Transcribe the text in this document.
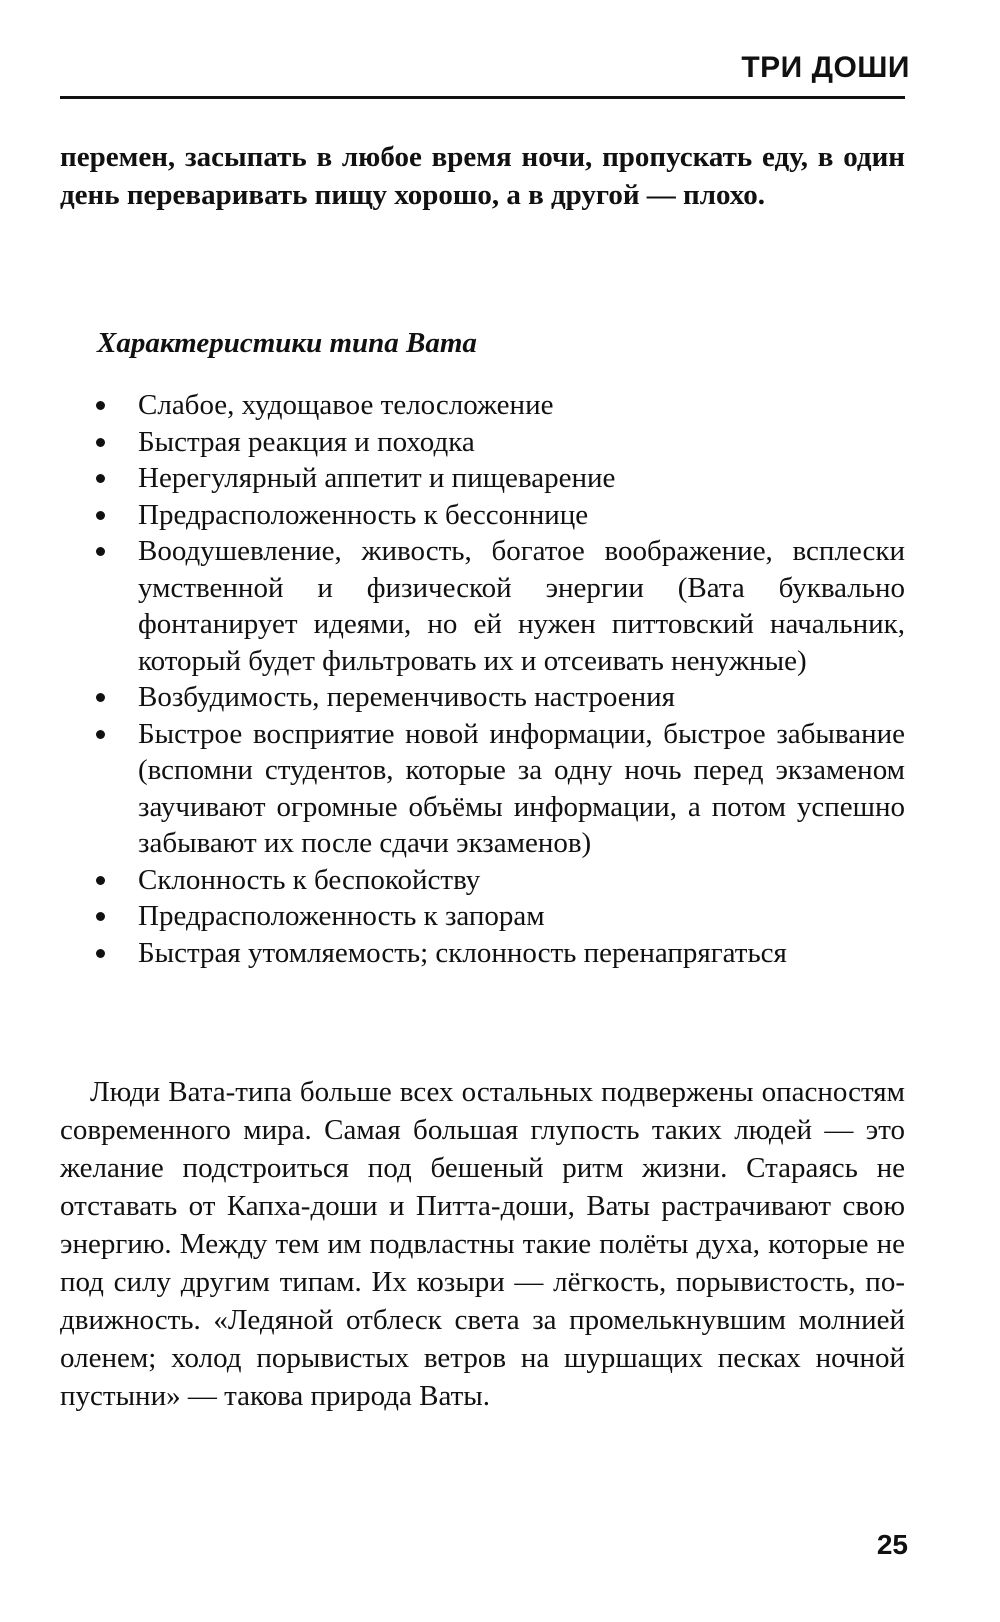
ТРИ ДОШИ

перемен, засыпать в любое время ночи, пропускать еду, в один день переваривать пищу хорошо, а в другой — плохо.

Характеристики типа Вата
Слабое, худощавое телосложение
Быстрая реакция и походка
Нерегулярный аппетит и пищеварение
Предрасположенность к бессоннице
Воодушевление, живость, богатое воображение, всплески умственной и физической энергии (Вата буквально фонтанирует идеями, но ей нужен питтовский начальник, который будет фильтровать их и отсеивать ненужные)
Возбудимость, переменчивость настроения
Быстрое восприятие новой информации, быстрое забывание (вспомни студентов, которые за одну ночь перед экзаменом заучивают огромные объёмы информации, а потом успешно забывают их после сдачи экзаменов)
Склонность к беспокойству
Предрасположенность к запорам
Быстрая утомляемость; склонность перенапрягаться

Люди Вата-типа больше всех остальных подвержены опасностям современного мира. Самая большая глупость таких людей — это желание подстроиться под бешеный ритм жизни. Стараясь не отставать от Капха-доши и Питта-доши, Ваты растрачивают свою энергию. Между тем им подвластны такие полёты духа, которые не под силу другим типам. Их козыри — лёгкость, порывистость, подвижность. «Ледяной отблеск света за промелькнувшим молнией оленем; холод порывистых ветров на шуршащих песках ночной пустыни» — такова природа Ваты.

25
